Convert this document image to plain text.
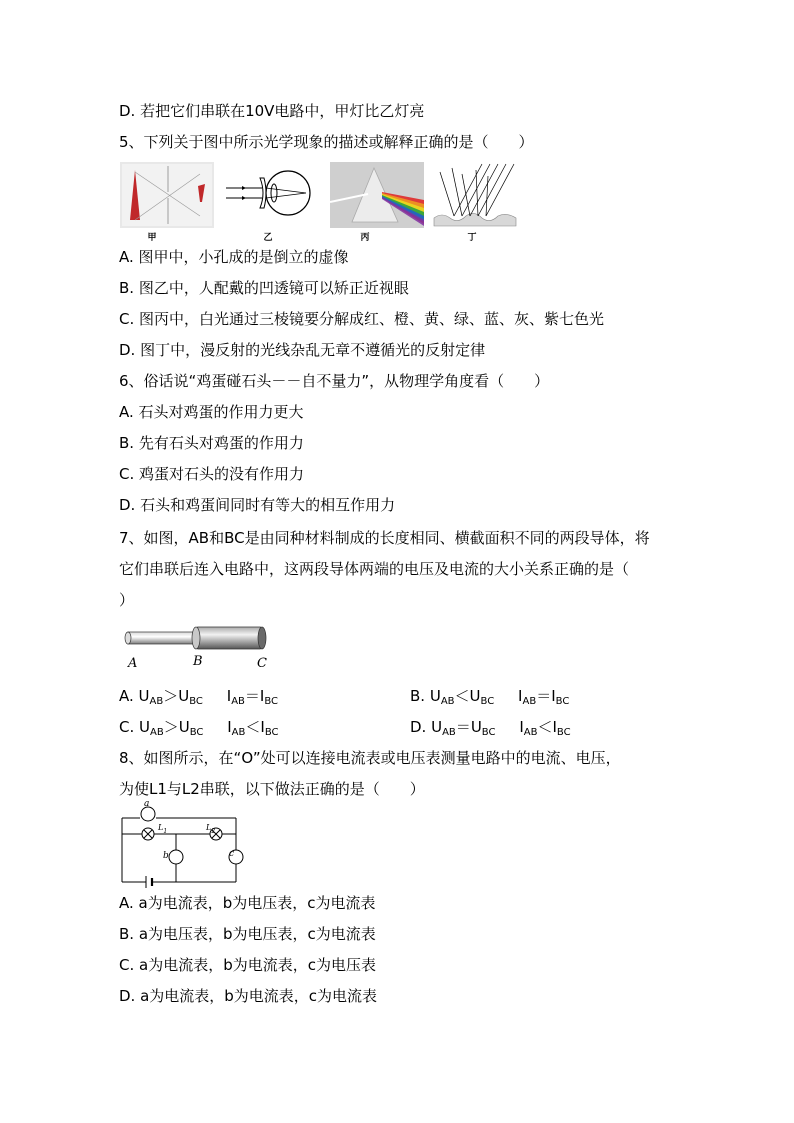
D. 若把它们串联在10V电路中，甲灯比乙灯亮
5、下列关于图中所示光学现象的描述或解释正确的是（　　）
甲	乙	丙	丁
A. 图甲中，小孔成的是倒立的虚像
B. 图乙中，人配戴的凹透镜可以矫正近视眼
C. 图丙中，白光通过三棱镜要分解成红、橙、黄、绿、蓝、灰、紫七色光
D. 图丁中，漫反射的光线杂乱无章不遵循光的反射定律
6、俗话说“鸡蛋碰石头－－自不量力”，从物理学角度看（　　）
A. 石头对鸡蛋的作用力更大
B. 先有石头对鸡蛋的作用力
C. 鸡蛋对石头的没有作用力
D. 石头和鸡蛋间同时有等大的相互作用力
7、如图，AB和BC是由同种材料制成的长度相同、横截面积不同的两段导体，将
它们串联后连入电路中，这两段导体两端的电压及电流的大小关系正确的是（
）
A	B	C
A. $U_{AB}>U_{BC}$ $I_{AB}=I_{BC}$	B. $U_{AB}<U_{BC}$ $I_{AB}=I_{BC}$
C. $U_{AB}>U_{BC}$ $I_{AB}<I_{BC}$	D. $U_{AB}=U_{BC}$ $I_{AB}<I_{BC}$
8、如图所示，在“O”处可以连接电流表或电压表测量电路中的电流、电压，
为使L1与L2串联，以下做法正确的是（　　）
a
b	c
$L_1$	$L_2$
A. a为电流表，b为电压表，c为电流表
B. a为电压表，b为电压表，c为电流表
C. a为电流表，b为电流表，c为电压表
D. a为电流表，b为电流表，c为电流表
